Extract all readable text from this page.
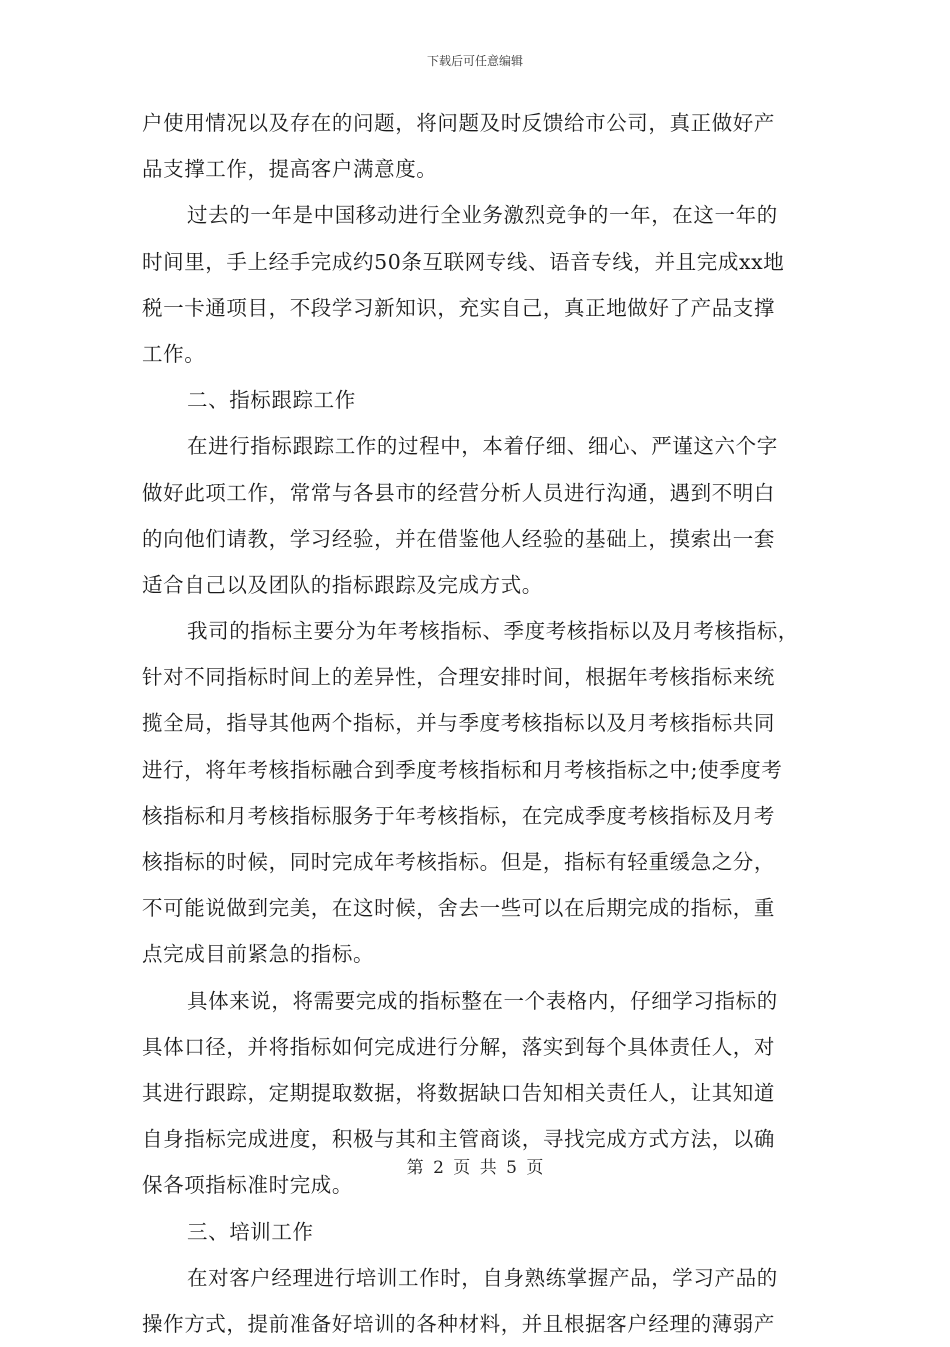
下载后可任意编辑
户使用情况以及存在的问题，将问题及时反馈给市公司，真正做好产
品支撑工作，提高客户满意度。
过去的一年是中国移动进行全业务激烈竞争的一年，在这一年的
时间里，手上经手完成约50条互联网专线、语音专线，并且完成xx地
税一卡通项目，不段学习新知识，充实自己，真正地做好了产品支撑
工作。
二、指标跟踪工作
在进行指标跟踪工作的过程中，本着仔细、细心、严谨这六个字
做好此项工作，常常与各县市的经营分析人员进行沟通，遇到不明白
的向他们请教，学习经验，并在借鉴他人经验的基础上，摸索出一套
适合自己以及团队的指标跟踪及完成方式。
我司的指标主要分为年考核指标、季度考核指标以及月考核指标，
针对不同指标时间上的差异性，合理安排时间，根据年考核指标来统
揽全局，指导其他两个指标，并与季度考核指标以及月考核指标共同
进行，将年考核指标融合到季度考核指标和月考核指标之中;使季度考
核指标和月考核指标服务于年考核指标，在完成季度考核指标及月考
核指标的时候，同时完成年考核指标。但是，指标有轻重缓急之分，
不可能说做到完美，在这时候，舍去一些可以在后期完成的指标，重
点完成目前紧急的指标。
具体来说，将需要完成的指标整在一个表格内，仔细学习指标的
具体口径，并将指标如何完成进行分解，落实到每个具体责任人，对
其进行跟踪，定期提取数据，将数据缺口告知相关责任人，让其知道
自身指标完成进度，积极与其和主管商谈，寻找完成方式方法，以确
保各项指标准时完成。
三、培训工作
在对客户经理进行培训工作时，自身熟练掌握产品，学习产品的
操作方式，提前准备好培训的各种材料，并且根据客户经理的薄弱产
第 2 页 共 5 页
